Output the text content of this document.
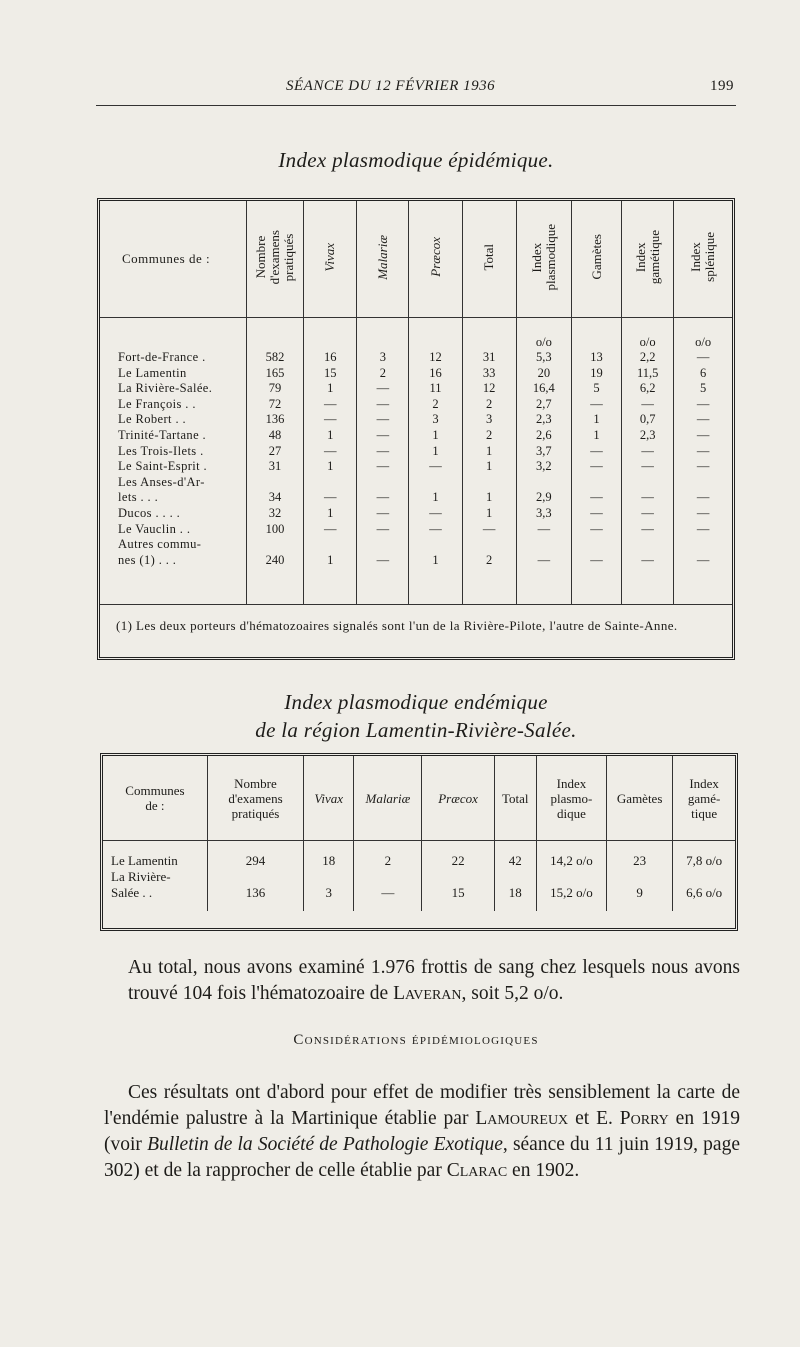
SÉANCE DU 12 FÉVRIER 1936	199
Index plasmodique épidémique.
Communes de :	Nombre
d'examens
pratiqués	Vivax	Malariæ	Præcox	Total	Index
plasmodique	Gamètes	Index
gamétique	Index
splénique

						o/o		o/o	o/o
Fort-de-France .	582	16	3	12	31	5,3	13	2,2	—
Le Lamentin	165	15	2	16	33	20	19	11,5	6
La Rivière-Salée.	79	1	—	11	12	16,4	5	6,2	5
Le François . .	72	—	—	2	2	2,7	—	—	—
Le Robert . .	136	—	—	3	3	2,3	1	0,7	—
Trinité-Tartane .	48	1	—	1	2	2,6	1	2,3	—
Les Trois-Ilets .	27	—	—	1	1	3,7	—	—	—
Le Saint-Esprit .	31	1	—	—	1	3,2	—	—	—
Les Anses-d'Ar-									
lets . . .	34	—	—	1	1	2,9	—	—	—
Ducos . . . .	32	1	—	—	1	3,3	—	—	—
Le Vauclin . .	100	—	—	—	—	—	—	—	—
Autres commu-									
nes (1) . . .	240	1	—	1	2	—	—	—	—

(1) Les deux porteurs d'hématozoaires signalés sont l'un de la Rivière-Pilote, l'autre de Sainte-Anne.
Index plasmodique endémique
de la région Lamentin-Rivière-Salée.
Communes
de :	Nombre
d'examens
pratiqués	Vivax	Malariæ	Præcox	Total	Index
plasmo-
dique	Gamètes	Index
gamé-
tique

Le Lamentin	294	18	2	22	42	14,2 o/o	23	7,8 o/o
La Rivière-								
Salée . .	136	3	—	15	18	15,2 o/o	9	6,6 o/o
Au total, nous avons examiné 1.976 frottis de sang chez lesquels nous avons trouvé 104 fois l'hématozoaire de Laveran, soit 5,2 o/o.
Considérations épidémiologiques
Ces résultats ont d'abord pour effet de modifier très sensiblement la carte de l'endémie palustre à la Martinique établie par Lamoureux et E. Porry en 1919 (voir Bulletin de la Société de Pathologie Exotique, séance du 11 juin 1919, page 302) et de la rapprocher de celle établie par Clarac en 1902.
